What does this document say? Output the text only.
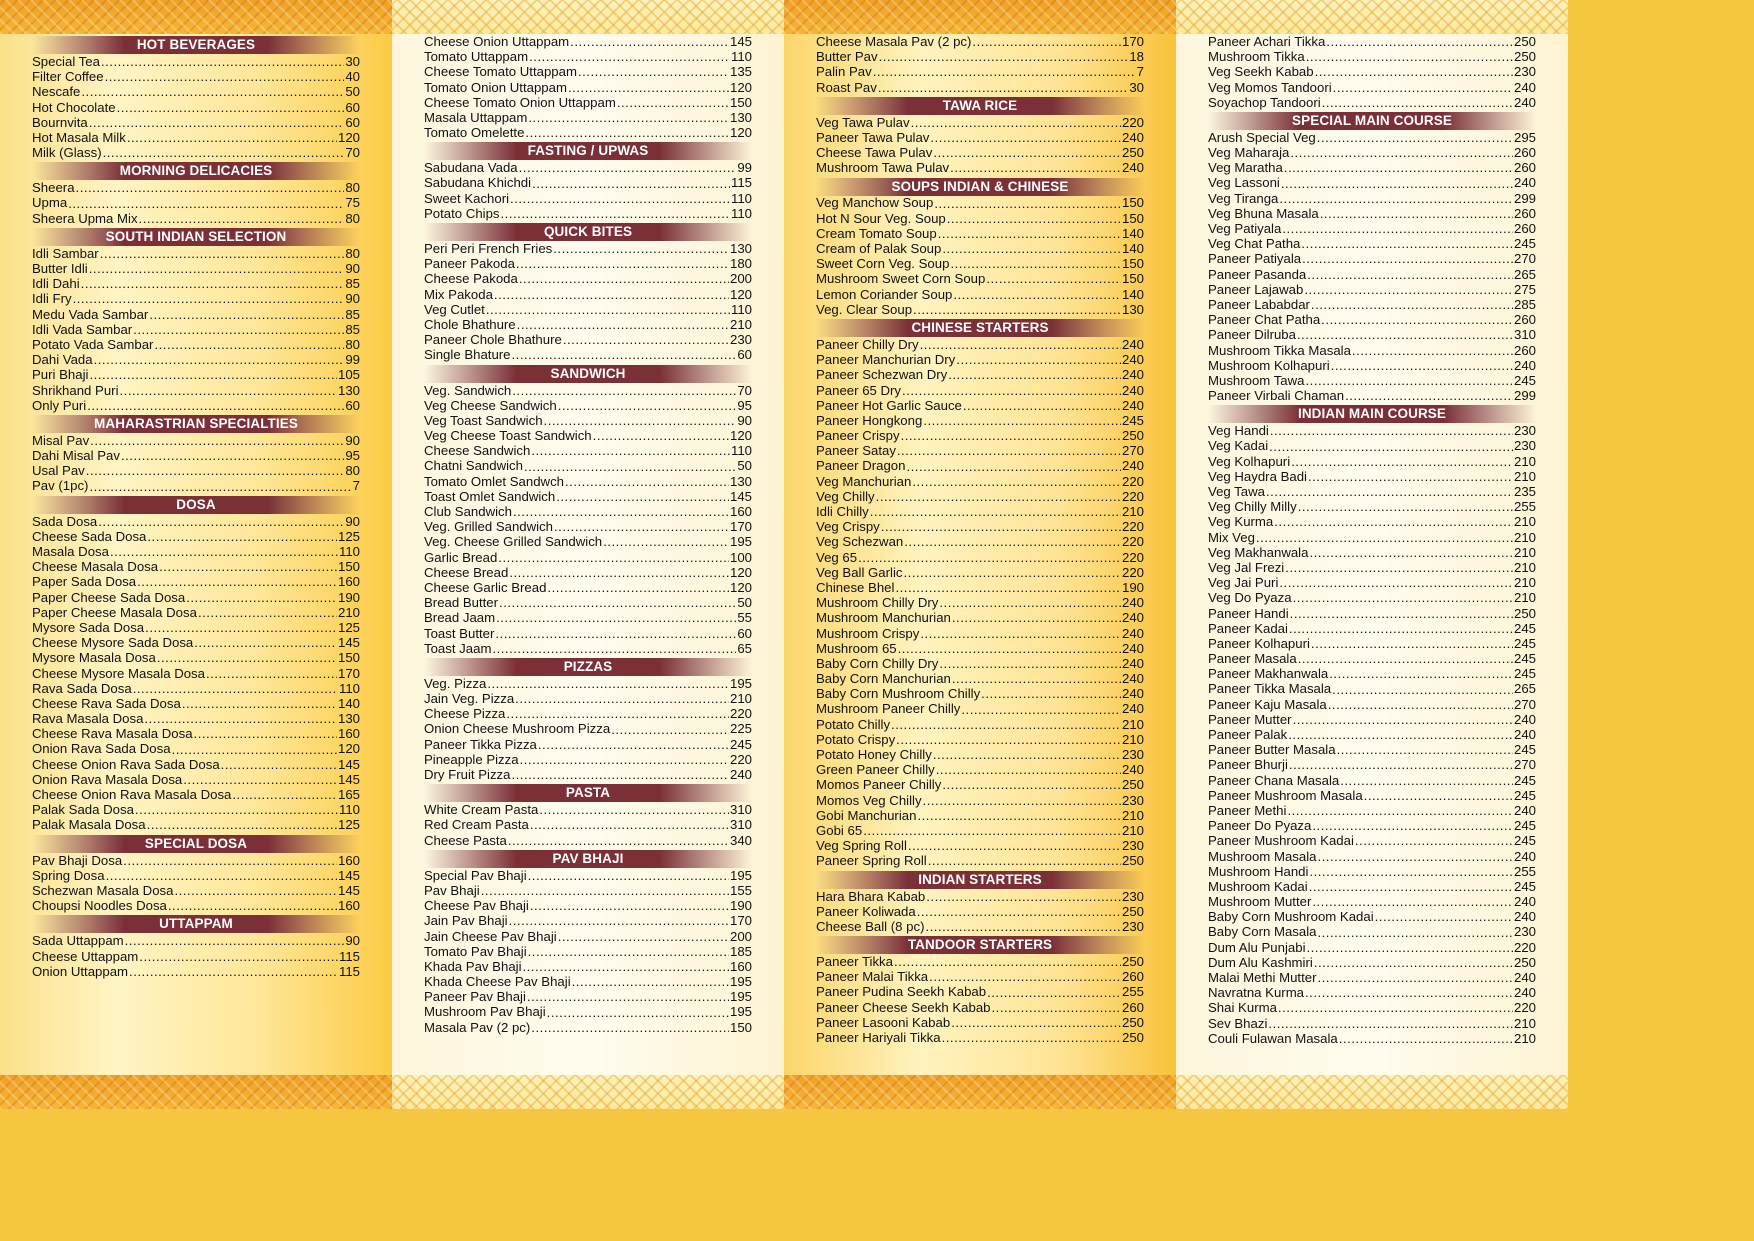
HOT BEVERAGES
Special Tea .....	30
Filter Coffee .....	40
Nescafe .....	50
Hot Chocolate .....	60
Bournvita .....	60
Hot Masala Milk .....	120
Milk (Glass) .....	70
MORNING DELICACIES
Sheera .....	80
Upma .....	75
Sheera Upma Mix .....	80
SOUTH INDIAN SELECTION
Idli Sambar .....	80
Butter Idli .....	90
Idli Dahi .....	85
Idli Fry .....	90
Medu Vada Sambar .....	85
Idli Vada Sambar .....	85
Potato Vada Sambar .....	80
Dahi Vada .....	99
Puri Bhaji .....	105
Shrikhand Puri .....	130
Only Puri .....	60
MAHARASTRIAN SPECIALTIES
Misal Pav .....	90
Dahi Misal Pav .....	95
Usal Pav .....	80
Pav (1pc) .....	7
DOSA
Sada Dosa .....	90
Cheese Sada Dosa .....	125
Masala Dosa .....	110
Cheese Masala Dosa .....	150
Paper Sada Dosa .....	160
Paper Cheese Sada Dosa .....	190
Paper Cheese Masala Dosa .....	210
Mysore Sada Dosa .....	125
Cheese Mysore Sada Dosa .....	145
Mysore Masala Dosa .....	150
Cheese Mysore Masala Dosa .....	170
Rava Sada Dosa .....	110
Cheese Rava Sada Dosa .....	140
Rava Masala Dosa .....	130
Cheese Rava Masala Dosa .....	160
Onion Rava Sada Dosa .....	120
Cheese Onion Rava Sada Dosa .....	145
Onion Rava Masala Dosa .....	145
Cheese Onion Rava Masala Dosa .....	165
Palak Sada Dosa .....	110
Palak Masala Dosa .....	125
SPECIAL DOSA
Pav Bhaji Dosa .....	160
Spring Dosa .....	145
Schezwan Masala Dosa .....	145
Choupsi Noodles Dosa .....	160
UTTAPPAM
Sada Uttappam .....	90
Cheese Uttappam .....	115
Onion Uttappam .....	115
Cheese Onion Uttappam .....	145
Tomato Uttappam .....	110
Cheese Tomato Uttappam .....	135
Tomato Onion Uttappam .....	120
Cheese Tomato Onion Uttappam .....	150
Masala Uttappam .....	130
Tomato Omelette .....	120
FASTING / UPWAS
Sabudana Vada .....	99
Sabudana Khichdi .....	115
Sweet Kachori .....	110
Potato Chips .....	110
QUICK BITES
Peri Peri French Fries .....	130
Paneer Pakoda .....	180
Cheese Pakoda .....	200
Mix Pakoda .....	120
Veg Cutlet .....	110
Chole Bhathure .....	210
Paneer Chole Bhathure .....	230
Single Bhature .....	60
SANDWICH
Veg. Sandwich .....	70
Veg Cheese Sandwich .....	95
Veg Toast Sandwich .....	90
Veg Cheese Toast Sandwich .....	120
Cheese Sandwich .....	110
Chatni Sandwich .....	50
Tomato Omlet Sandwch .....	130
Toast Omlet Sandwich .....	145
Club Sandwich .....	160
Veg. Grilled Sandwich .....	170
Veg. Cheese Grilled Sandwich .....	195
Garlic Bread .....	100
Cheese Bread .....	120
Cheese Garlic Bread .....	120
Bread Butter .....	50
Bread Jaam .....	55
Toast Butter .....	60
Toast Jaam .....	65
PIZZAS
Veg. Pizza .....	195
Jain Veg. Pizza .....	210
Cheese Pizza .....	220
Onion Cheese Mushroom Pizza .....	225
Paneer Tikka Pizza .....	245
Pineapple Pizza .....	220
Dry Fruit Pizza .....	240
PASTA
White Cream Pasta .....	310
Red Cream Pasta .....	310
Cheese Pasta .....	340
PAV BHAJI
Special Pav Bhaji .....	195
Pav Bhaji .....	155
Cheese Pav Bhaji .....	190
Jain Pav Bhaji .....	170
Jain Cheese Pav Bhaji .....	200
Tomato Pav Bhaji .....	185
Khada Pav Bhaji .....	160
Khada Cheese Pav Bhaji .....	195
Paneer Pav Bhaji .....	195
Mushroom Pav Bhaji .....	195
Masala Pav (2 pc) .....	150
Cheese Masala Pav (2 pc) .....	170
Butter Pav .....	18
Palin Pav .....	7
Roast Pav .....	30
TAWA RICE
Veg Tawa Pulav .....	220
Paneer Tawa Pulav .....	240
Cheese Tawa Pulav .....	250
Mushroom Tawa Pulav .....	240
SOUPS INDIAN & CHINESE
Veg Manchow Soup .....	150
Hot N Sour Veg. Soup .....	150
Cream Tomato Soup .....	140
Cream of Palak Soup .....	140
Sweet Corn Veg. Soup .....	150
Mushroom Sweet Corn Soup .....	150
Lemon Coriander Soup .....	140
Veg. Clear Soup .....	130
CHINESE STARTERS
Paneer Chilly Dry .....	240
Paneer Manchurian Dry .....	240
Paneer Schezwan Dry .....	240
Paneer 65 Dry .....	240
Paneer Hot Garlic Sauce .....	240
Paneer Hongkong .....	245
Paneer Crispy .....	250
Paneer Satay .....	270
Paneer Dragon .....	240
Veg Manchurian .....	220
Veg Chilly .....	220
Idli Chilly .....	210
Veg Crispy .....	220
Veg Schezwan .....	220
Veg 65 .....	220
Veg Ball Garlic .....	220
Chinese Bhel .....	190
Mushroom Chilly Dry .....	240
Mushroom Manchurian .....	240
Mushroom Crispy .....	240
Mushroom 65 .....	240
Baby Corn Chilly Dry .....	240
Baby Corn Manchurian .....	240
Baby Corn Mushroom Chilly .....	240
Mushroom Paneer Chilly .....	240
Potato Chilly .....	210
Potato Crispy .....	210
Potato Honey Chilly .....	230
Green Paneer Chilly .....	240
Momos Paneer Chilly .....	250
Momos Veg Chilly .....	230
Gobi Manchurian .....	210
Gobi 65 .....	210
Veg Spring Roll .....	230
Paneer Spring Roll .....	250
INDIAN STARTERS
Hara Bhara Kabab .....	230
Paneer Koliwada .....	250
Cheese Ball (8 pc) .....	230
TANDOOR STARTERS
Paneer Tikka .....	250
Paneer Malai Tikka .....	260
Paneer Pudina Seekh Kabab .....	255
Paneer Cheese Seekh Kabab .....	260
Paneer Lasooni Kabab .....	250
Paneer Hariyali Tikka .....	250
Paneer Achari Tikka .....	250
Mushroom Tikka .....	250
Veg Seekh Kabab .....	230
Veg Momos Tandoori .....	240
Soyachop Tandoori .....	240
SPECIAL MAIN COURSE
Arush Special Veg .....	295
Veg Maharaja .....	260
Veg Maratha .....	260
Veg Lassoni .....	240
Veg Tiranga .....	299
Veg Bhuna Masala .....	260
Veg Patiyala .....	260
Veg Chat Patha .....	245
Paneer Patiyala .....	270
Paneer Pasanda .....	265
Paneer Lajawab .....	275
Paneer Lababdar .....	285
Paneer Chat Patha .....	260
Paneer Dilruba .....	310
Mushroom Tikka Masala .....	260
Mushroom Kolhapuri .....	240
Mushroom Tawa .....	245
Paneer Virbali Chaman .....	299
INDIAN MAIN COURSE
Veg Handi .....	230
Veg Kadai .....	230
Veg Kolhapuri .....	210
Veg Haydra Badi .....	210
Veg Tawa .....	235
Veg Chilly Milly .....	255
Veg Kurma .....	210
Mix Veg .....	210
Veg Makhanwala .....	210
Veg Jal Frezi .....	210
Veg Jai Puri .....	210
Veg Do Pyaza .....	210
Paneer Handi .....	250
Paneer Kadai .....	245
Paneer Kolhapuri .....	245
Paneer Masala .....	245
Paneer Makhanwala .....	245
Paneer Tikka Masala .....	265
Paneer Kaju Masala .....	270
Paneer Mutter .....	240
Paneer Palak .....	240
Paneer Butter Masala .....	245
Paneer Bhurji .....	270
Paneer Chana Masala .....	245
Paneer Mushroom Masala .....	245
Paneer Methi .....	240
Paneer Do Pyaza .....	245
Paneer Mushroom Kadai .....	245
Mushroom Masala .....	240
Mushroom Handi .....	255
Mushroom Kadai .....	245
Mushroom Mutter .....	240
Baby Corn Mushroom Kadai .....	240
Baby Corn Masala .....	230
Dum Alu Punjabi .....	220
Dum Alu Kashmiri .....	250
Malai Methi Mutter .....	240
Navratna Kurma .....	240
Shai Kurma .....	220
Sev Bhazi .....	210
Couli Fulawan Masala .....	210
